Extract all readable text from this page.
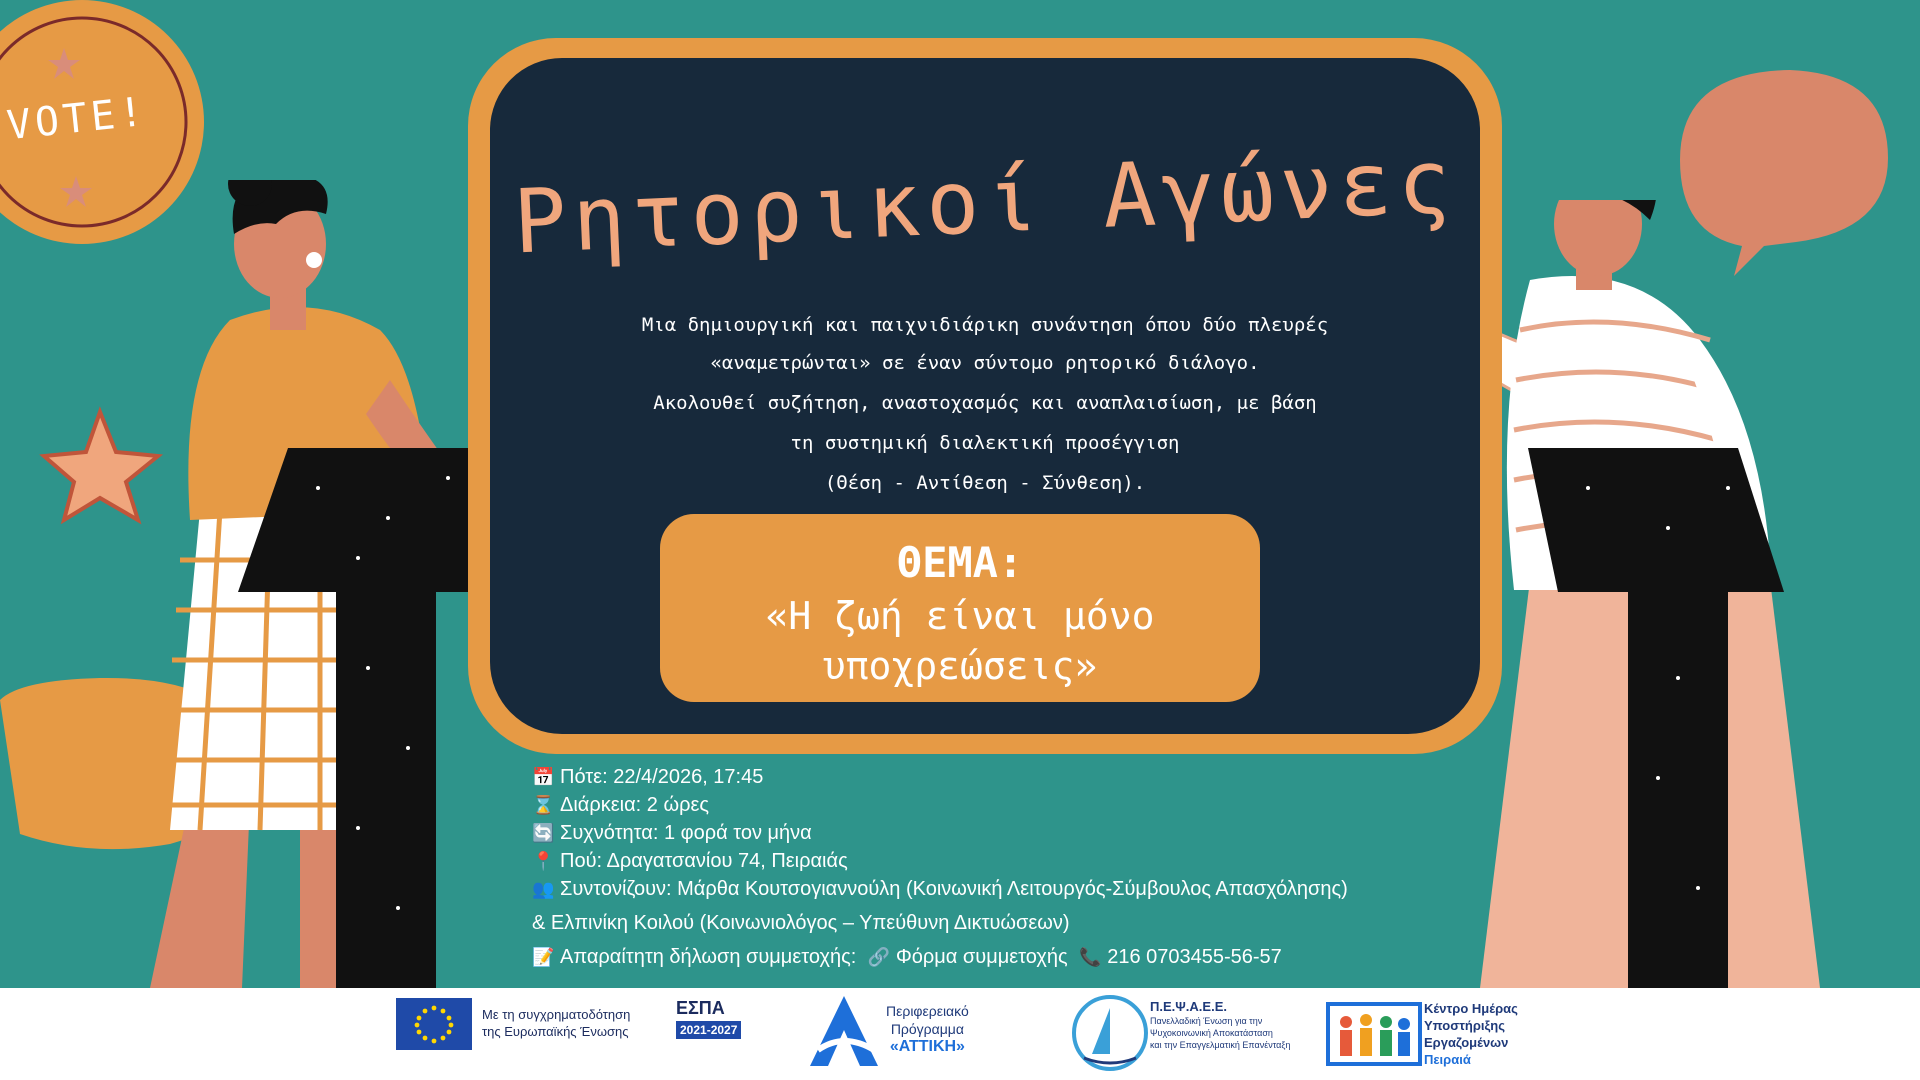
VOTE!
Ρητορικοί Αγώνες
Μια δημιουργική και παιχνιδιάρικη συνάντηση όπου δύο πλευρές
«αναμετρώνται» σε έναν σύντομο ρητορικό διάλογο.
Ακολουθεί συζήτηση, αναστοχασμός και αναπλαισίωση, με βάση
τη συστημική διαλεκτική προσέγγιση
(Θέση - Αντίθεση - Σύνθεση).
ΘΕΜΑ:
«Η ζωή είναι μόνο
υποχρεώσεις»
📅 Πότε: 22/4/2026, 17:45
⌛ Διάρκεια: 2 ώρες
🔄 Συχνότητα: 1 φορά τον μήνα
📍 Πού: Δραγατσανίου 74, Πειραιάς
👥 Συντονίζουν: Μάρθα Κουτσογιαννούλη (Κοινωνική Λειτουργός-Σύμβουλος Απασχόλησης)
& Ελπινίκη Κοιλού (Κοινωνιολόγος – Υπεύθυνη Δικτυώσεων)
📝 Απαραίτητη δήλωση συμμετοχής: 🔗 Φόρμα συμμετοχής 📞 216 0703455-56-57
Με τη συγχρηματοδότηση
της Ευρωπαϊκής Ένωσης
ΕΣΠΑ
2021-2027
Περιφερειακό
Πρόγραμμα
«ΑΤΤΙΚΗ»
Π.Ε.Ψ.Α.Ε.Ε.
Πανελλαδική Ένωση για την
Ψυχοκοινωνική Αποκατάσταση
και την Επαγγελματική Επανένταξη
Κέντρο Ημέρας
Υποστήριξης
Εργαζομένων
Πειραιά
